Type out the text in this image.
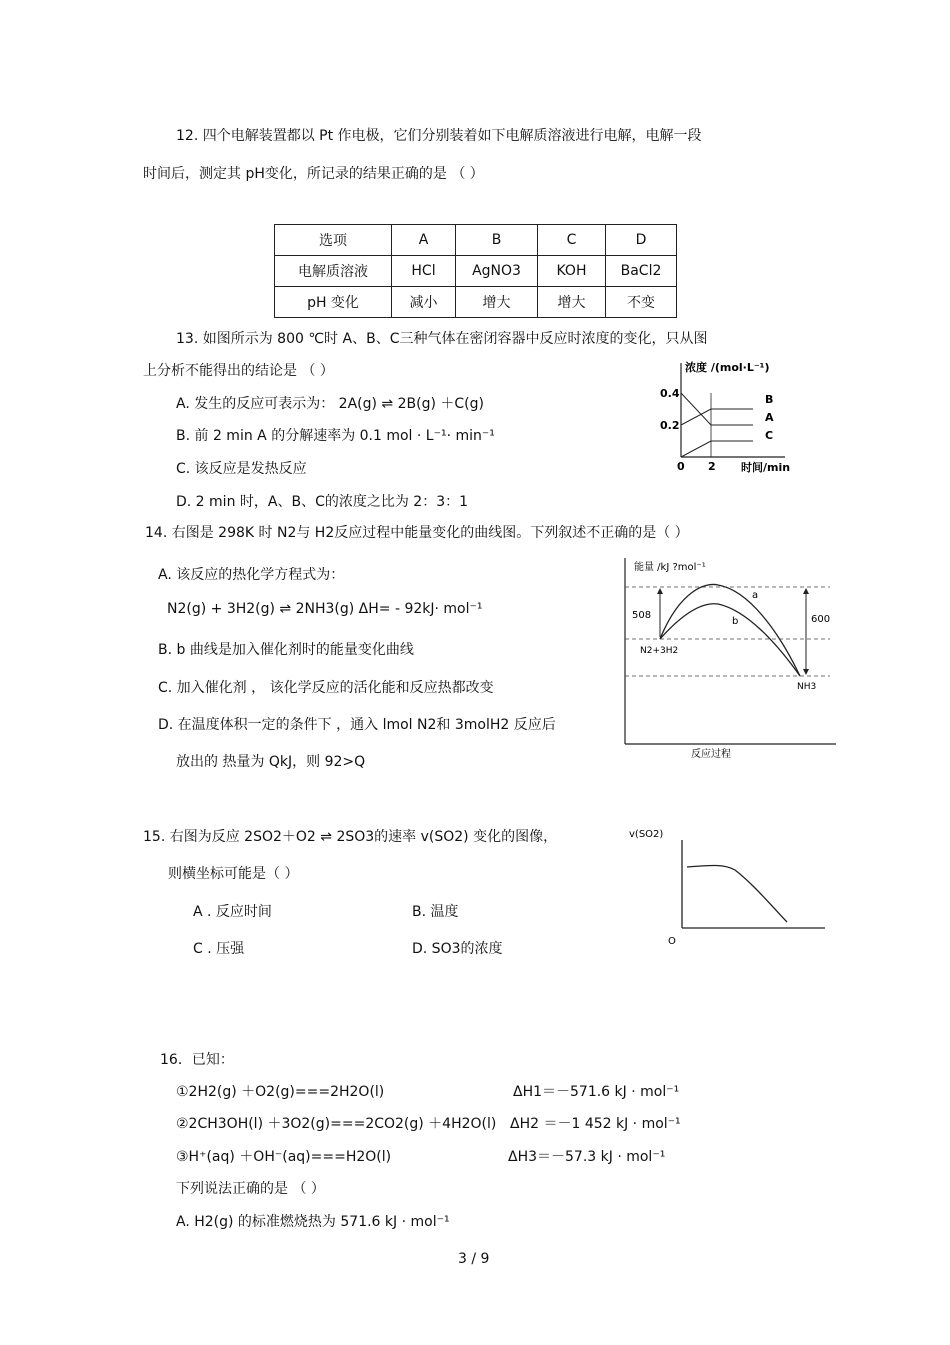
12. 四个电解装置都以 Pt 作电极，它们分别装着如下电解质溶液进行电解，电解一段
时间后，测定其 pH变化，所记录的结果正确的是 （ ）
选项	A	B	C	D
电解质溶液	HCl	AgNO3	KOH	BaCl2
pH 变化	减小	增大	增大	不变
13. 如图所示为 800 ℃时 A、B、C三种气体在密闭容器中反应时浓度的变化，只从图
上分析不能得出的结论是 （ ）
A. 发生的反应可表示为： 2A(g) ⇌ 2B(g) ＋C(g)
B. 前 2 min A 的分解速率为 0.1 mol · L⁻¹· min⁻¹
C. 该反应是发热反应
D. 2 min 时，A、B、C的浓度之比为 2：3：1
浓度 /(mol·L⁻¹)
时间/min
0 2
0.2
0.4	B
A
C
14. 右图是 298K 时 N2与 H2反应过程中能量变化的曲线图。下列叙述不正确的是（ ）
A. 该反应的热化学方程式为：
N2(g) + 3H2(g) ⇌ 2NH3(g) ΔH= - 92kJ· mol⁻¹
B. b 曲线是加入催化剂时的能量变化曲线
C. 加入催化剂 ， 该化学反应的活化能和反应热都改变
D. 在温度体积一定的条件下 ，通入 lmol N2和 3molH2 反应后
放出的 热量为 QkJ，则 92>Q
能量 /kJ ?mol⁻¹
反应过程
508	600
a
b
N2+3H2
NH3
15. 右图为反应 2SO2＋O2 ⇌ 2SO3的速率 v(SO2) 变化的图像，
则横坐标可能是（ ）
A . 反应时间	B. 温度
C . 压强	D. SO3的浓度
v(SO2)
O
16．已知：
①2H2(g) ＋O2(g)===2H2O(l)	ΔH1＝－571.6 kJ · mol⁻¹
②2CH3OH(l) ＋3O2(g)===2CO2(g) ＋4H2O(l) ΔH2 ＝－1 452 kJ · mol⁻¹
③H⁺(aq) ＋OH⁻(aq)===H2O(l)	ΔH3＝－57.3 kJ · mol⁻¹
下列说法正确的是 （ ）
A. H2(g) 的标准燃烧热为 571.6 kJ · mol⁻¹
3 / 9
